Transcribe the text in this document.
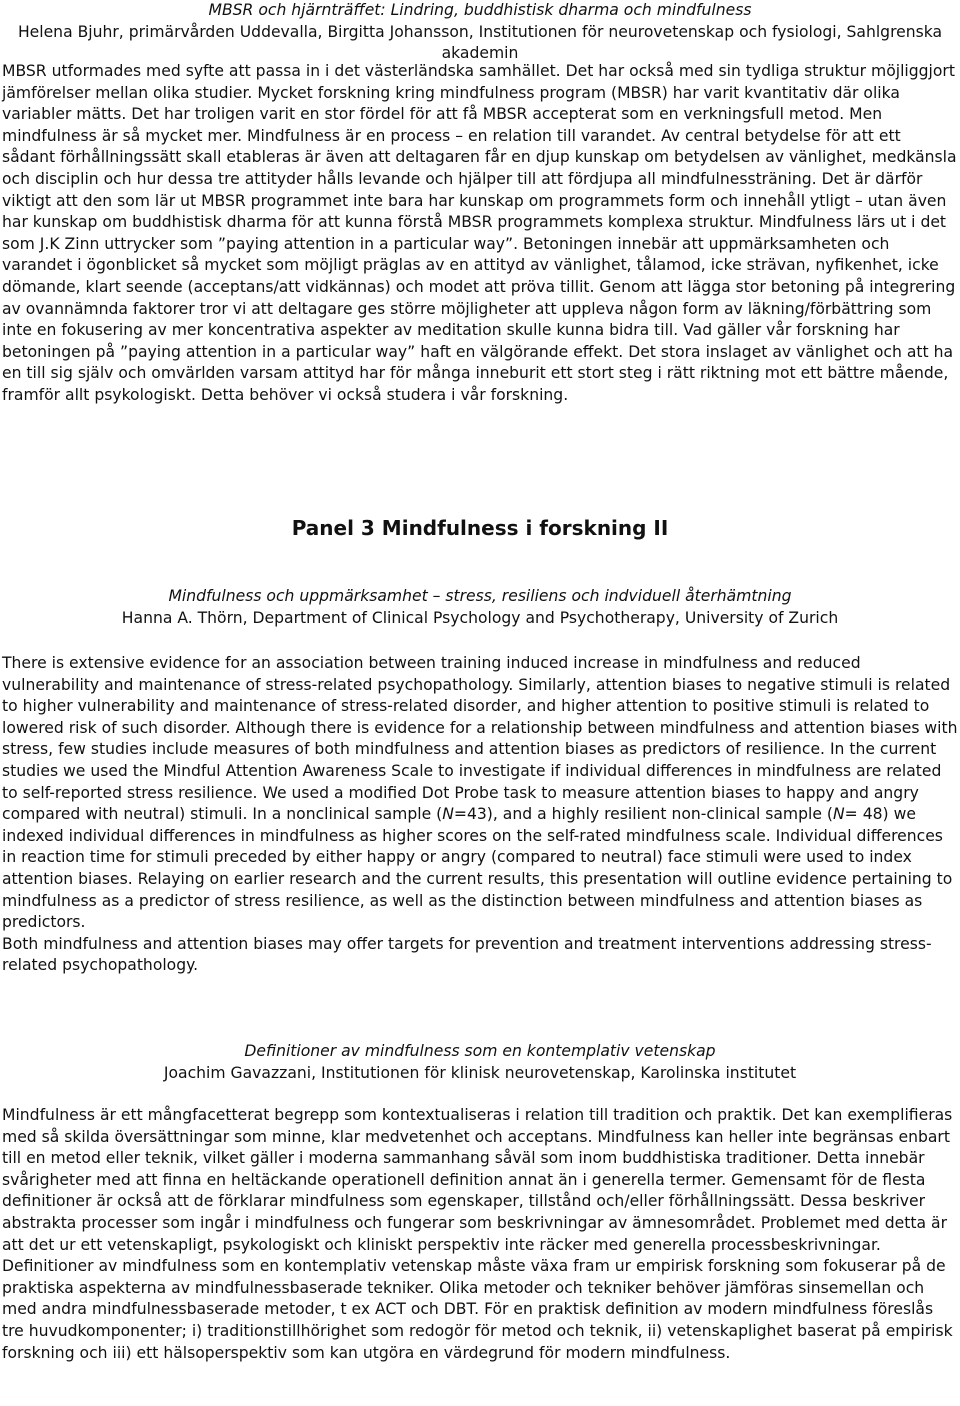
MBSR och hjärnträffet: Lindring, buddhistisk dharma och mindfulness

Helena Bjuhr, primärvården Uddevalla, Birgitta Johansson, Institutionen för neurovetenskap och fysiologi, Sahlgrenska akademin

MBSR utformades med syfte att passa in i det västerländska samhället. Det har också med sin tydliga struktur möjliggjort jämförelser mellan olika studier. Mycket forskning kring mindfulness program (MBSR) har varit kvantitativ där olika variabler mätts. Det har troligen varit en stor fördel för att få MBSR accepterat som en verkningsfull metod. Men mindfulness är så mycket mer. Mindfulness är en process – en relation till varandet. Av central betydelse för att ett sådant förhållningssätt skall etableras är även att deltagaren får en djup kunskap om betydelsen av vänlighet, medkänsla och disciplin och hur dessa tre attityder hålls levande och hjälper till att fördjupa all mindfulnessträning. Det är därför viktigt att den som lär ut MBSR programmet inte bara har kunskap om programmets form och innehåll ytligt – utan även har kunskap om buddhistisk dharma för att kunna förstå MBSR programmets komplexa struktur. Mindfulness lärs ut i det som J.K Zinn uttrycker som ”paying attention in a particular way”. Betoningen innebär att uppmärksamheten och varandet i ögonblicket så mycket som möjligt präglas av en attityd av vänlighet, tålamod, icke strävan, nyfikenhet, icke dömande, klart seende (acceptans/att vidkännas) och modet att pröva tillit. Genom att lägga stor betoning på integrering av ovannämnda faktorer tror vi att deltagare ges större möjligheter att uppleva någon form av läkning/förbättring som inte en fokusering av mer koncentrativa aspekter av meditation skulle kunna bidra till. Vad gäller vår forskning har betoningen på ”paying attention in a particular way” haft en välgörande effekt. Det stora inslaget av vänlighet och att ha en till sig själv och omvärlden varsam attityd har för många inneburit ett stort steg i rätt riktning mot ett bättre mående, framför allt psykologiskt. Detta behöver vi också studera i vår forskning.

Panel 3 Mindfulness i forskning II

Mindfulness och uppmärksamhet – stress, resiliens och indviduell återhämtning

Hanna A. Thörn, Department of Clinical Psychology and Psychotherapy, University of Zurich

There is extensive evidence for an association between training induced increase in mindfulness and reduced vulnerability and maintenance of stress-related psychopathology. Similarly, attention biases to negative stimuli is related to higher vulnerability and maintenance of stress-related disorder, and higher attention to positive stimuli is related to lowered risk of such disorder. Although there is evidence for a relationship between mindfulness and attention biases with stress, few studies include measures of both mindfulness and attention biases as predictors of resilience. In the current studies we used the Mindful Attention Awareness Scale to investigate if individual differences in mindfulness are related to self-reported stress resilience. We used a modified Dot Probe task to measure attention biases to happy and angry compared with neutral) stimuli. In a nonclinical sample (N=43), and a highly resilient non-clinical sample (N= 48) we indexed individual differences in mindfulness as higher scores on the self-rated mindfulness scale. Individual differences in reaction time for stimuli preceded by either happy or angry (compared to neutral) face stimuli were used to index attention biases. Relaying on earlier research and the current results, this presentation will outline evidence pertaining to mindfulness as a predictor of stress resilience, as well as the distinction between mindfulness and attention biases as predictors.

Both mindfulness and attention biases may offer targets for prevention and treatment interventions addressing stress-related psychopathology.

Definitioner av mindfulness som en kontemplativ vetenskap

Joachim Gavazzani, Institutionen för klinisk neurovetenskap, Karolinska institutet

Mindfulness är ett mångfacetterat begrepp som kontextualiseras i relation till tradition och praktik. Det kan exemplifieras med så skilda översättningar som minne, klar medvetenhet och acceptans. Mindfulness kan heller inte begränsas enbart till en metod eller teknik, vilket gäller i moderna sammanhang såväl som inom buddhistiska traditioner. Detta innebär svårigheter med att finna en heltäckande operationell definition annat än i generella termer. Gemensamt för de flesta definitioner är också att de förklarar mindfulness som egenskaper, tillstånd och/eller förhållningssätt. Dessa beskriver abstrakta processer som ingår i mindfulness och fungerar som beskrivningar av ämnesområdet. Problemet med detta är att det ur ett vetenskapligt, psykologiskt och kliniskt perspektiv inte räcker med generella processbeskrivningar.

Definitioner av mindfulness som en kontemplativ vetenskap måste växa fram ur empirisk forskning som fokuserar på de praktiska aspekterna av mindfulnessbaserade tekniker. Olika metoder och tekniker behöver jämföras sinsemellan och med andra mindfulnessbaserade metoder, t ex ACT och DBT. För en praktisk definition av modern mindfulness föreslås tre huvudkomponenter; i) traditionstillhörighet som redogör för metod och teknik, ii) vetenskaplighet baserat på empirisk forskning och iii) ett hälsoperspektiv som kan utgöra en värdegrund för modern mindfulness.
